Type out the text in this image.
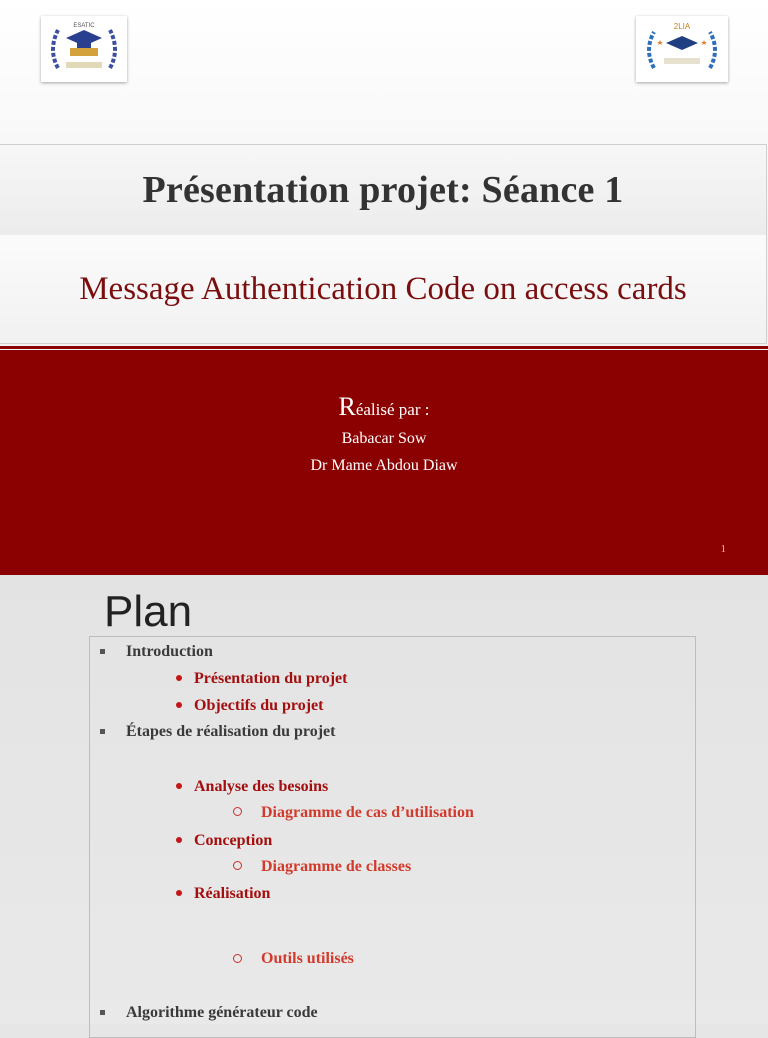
ESATIC	2LIA
Présentation projet: Séance 1
Message Authentication Code on access cards
Réalisé par :
Babacar Sow
Dr Mame Abdou Diaw
1
Plan
Introduction
Présentation du projet
Objectifs du projet
Étapes de réalisation du projet
Analyse des besoins
Diagramme de cas d’utilisation
Conception
Diagramme de classes
Réalisation
Outils utilisés
Algorithme générateur code
